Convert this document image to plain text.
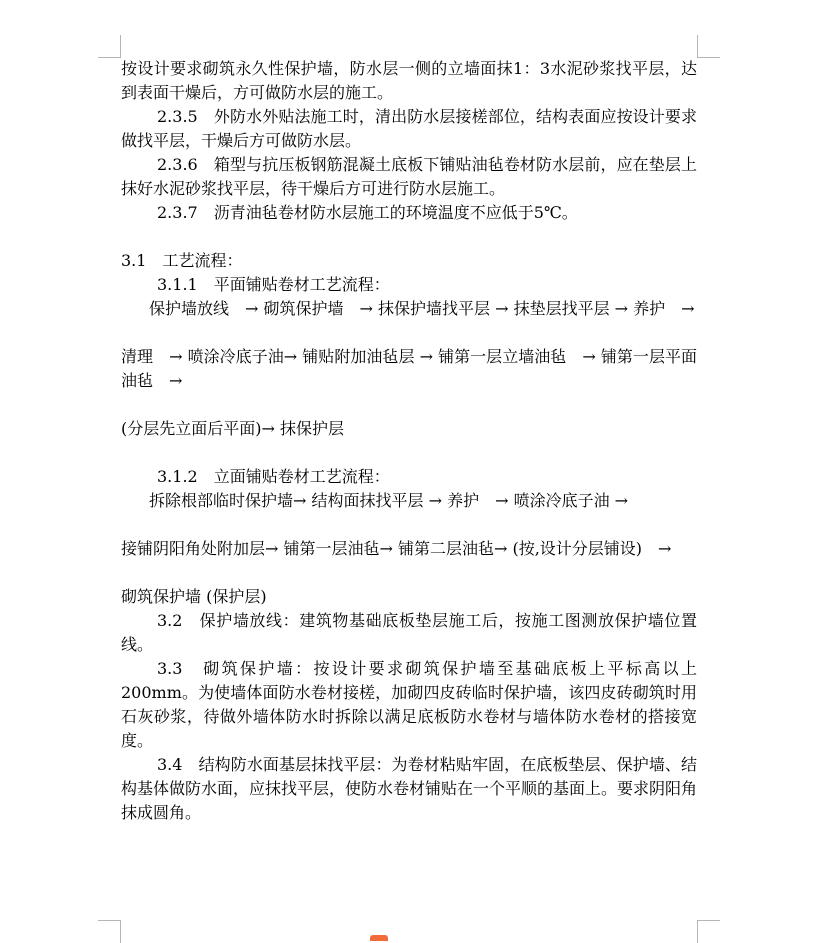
按设计要求砌筑永久性保护墙，防水层一侧的立墙面抹1：3水泥砂浆找平层，达到表面干燥后，方可做防水层的施工。

2.3.5　外防水外贴法施工时，清出防水层接槎部位，结构表面应按设计要求做找平层，干燥后方可做防水层。

2.3.6　箱型与抗压板钢筋混凝土底板下铺贴油毡卷材防水层前，应在垫层上抹好水泥砂浆找平层，待干燥后方可进行防水层施工。

2.3.7　沥青油毡卷材防水层施工的环境温度不应低于5℃。

3.1　工艺流程：

3.1.1　平面铺贴卷材工艺流程：

保护墙放线　→ 砌筑保护墙　→ 抹保护墙找平层 → 抹垫层找平层 → 养护　→

清理　→ 喷涂冷底子油→ 铺贴附加油毡层 → 铺第一层立墙油毡　→ 铺第一层平面油毡　→

(分层先立面后平面)→ 抹保护层

3.1.2　立面铺贴卷材工艺流程：

拆除根部临时保护墙→ 结构面抹找平层 → 养护　→ 喷涂冷底子油 →

接铺阴阳角处附加层→ 铺第一层油毡→ 铺第二层油毡→ (按,设计分层铺设)　→

砌筑保护墙 (保护层)

3.2　保护墙放线：建筑物基础底板垫层施工后，按施工图测放保护墙位置线。

3.3　砌筑保护墙：按设计要求砌筑保护墙至基础底板上平标高以上200mm。为使墙体面防水卷材接槎，加砌四皮砖临时保护墙，该四皮砖砌筑时用石灰砂浆，待做外墙体防水时拆除以满足底板防水卷材与墙体防水卷材的搭接宽度。

3.4　结构防水面基层抹找平层：为卷材粘贴牢固，在底板垫层、保护墙、结构基体做防水面，应抹找平层，使防水卷材铺贴在一个平顺的基面上。要求阴阳角抹成圆角。
